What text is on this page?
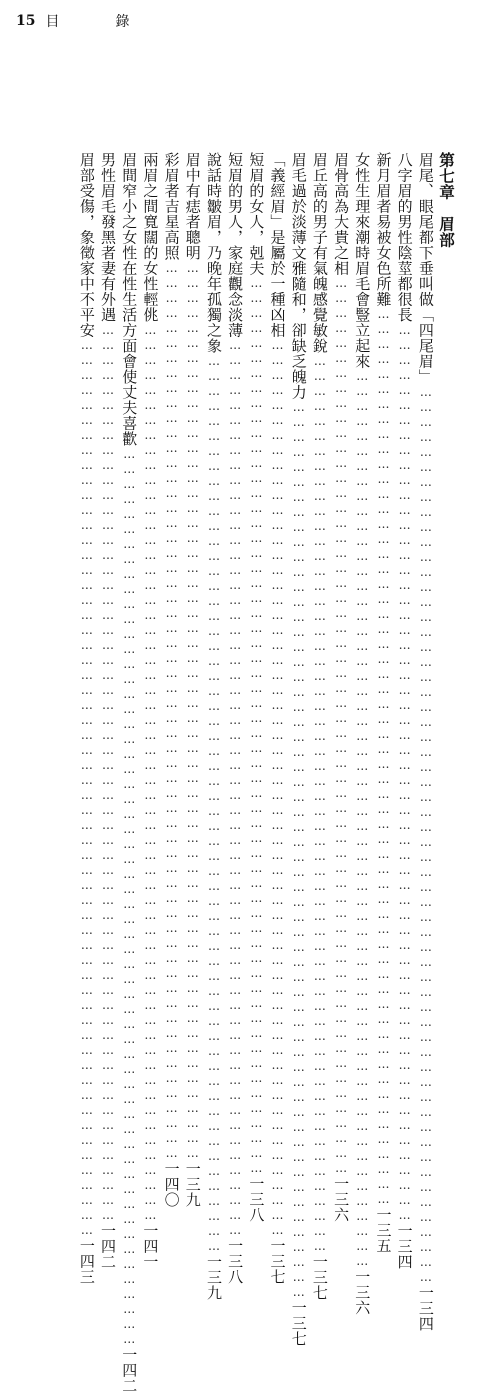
15 目	錄
第七章　眉部
眉尾、眼尾都下垂叫做「四尾眉」
………………………………………………………………………………………………………………………………………………………………
一三四
八字眉的男性陰莖都很長
………………………………………………………………………………………………………………………………………………………………
一三四
新月眉者易被女色所難
………………………………………………………………………………………………………………………………………………………………
一三五
女性生理來潮時眉毛會豎立起來
………………………………………………………………………………………………………………………………………………………………
一三六
眉骨高為大貴之相
………………………………………………………………………………………………………………………………………………………………
一三六
眉丘高的男子有氣魄感覺敏銳
………………………………………………………………………………………………………………………………………………………………
一三七
眉毛過於淡薄文雅隨和，卻缺乏魄力
………………………………………………………………………………………………………………………………………………………………
一三七
「義經眉」是屬於一種凶相
………………………………………………………………………………………………………………………………………………………………
一三七
短眉的女人，剋夫
………………………………………………………………………………………………………………………………………………………………
一三八
短眉的男人，家庭觀念淡薄
………………………………………………………………………………………………………………………………………………………………
一三八
說話時皺眉，乃晚年孤獨之象
………………………………………………………………………………………………………………………………………………………………
一三九
眉中有痣者聰明
………………………………………………………………………………………………………………………………………………………………
一三九
彩眉者吉星高照
………………………………………………………………………………………………………………………………………………………………
一四〇
兩眉之間寬闊的女性輕佻
………………………………………………………………………………………………………………………………………………………………
一四一
眉間窄小之女性在性生活方面會使丈夫喜歡
………………………………………………………………………………………………………………………………………………………………
一四二
男性眉毛發黑者妻有外遇
………………………………………………………………………………………………………………………………………………………………
一四二
眉部受傷，象徵家中不平安
………………………………………………………………………………………………………………………………………………………………
一四三
